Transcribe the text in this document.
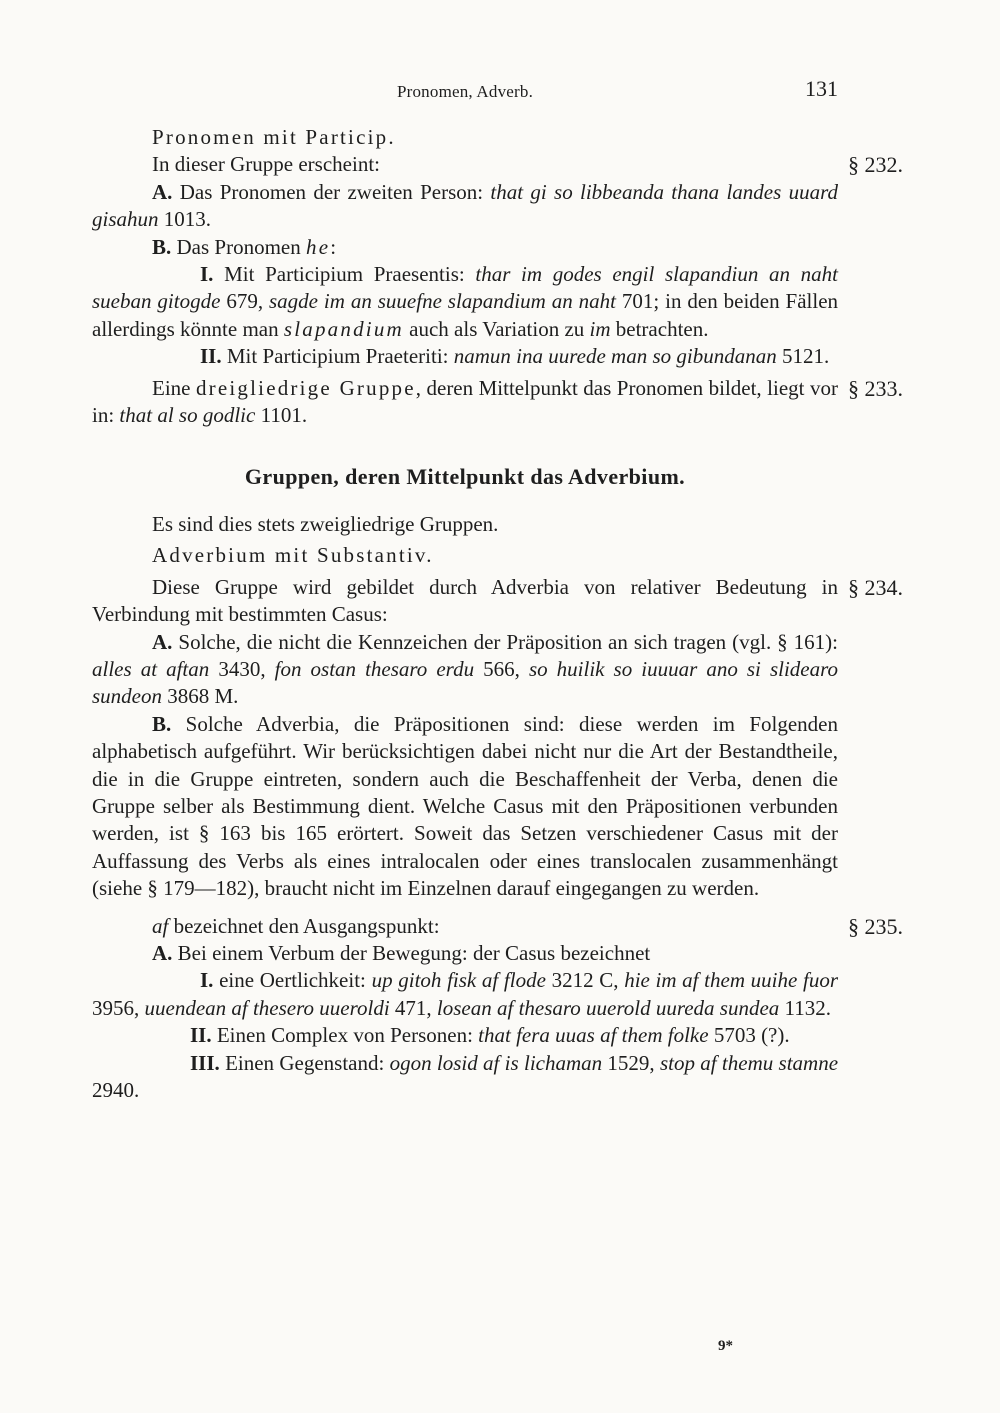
Pronomen, Adverb.	131

Pronomen mit Particip.

In dieser Gruppe erscheint:	§ 232.

A. Das Pronomen der zweiten Person: that gi so libbeanda thana landes uuard gisahun 1013.

B. Das Pronomen he:

I. Mit Participium Praesentis: thar im godes engil slapandiun an naht sueban gitogde 679, sagde im an suuefne slapandium an naht 701; in den beiden Fällen allerdings könnte man slapandium auch als Variation zu im betrachten.

II. Mit Participium Praeteriti: namun ina uurede man so gibundanan 5121.

Eine dreigliedrige Gruppe, deren Mittelpunkt das Pronomen bildet, liegt vor in: that al so godlic 1101.

§ 233.
Gruppen, deren Mittelpunkt das Adverbium.

Es sind dies stets zweigliedrige Gruppen.

Adverbium mit Substantiv.

Diese Gruppe wird gebildet durch Adverbia von relativer Bedeutung in Verbindung mit bestimmten Casus:

§ 234.

A. Solche, die nicht die Kennzeichen der Präposition an sich tragen (vgl. § 161): alles at aftan 3430, fon ostan thesaro erdu 566, so huilik so iuuuar ano si slidearo sundeon 3868 M.

B. Solche Adverbia, die Präpositionen sind: diese werden im Folgenden alphabetisch aufgeführt. Wir berücksichtigen dabei nicht nur die Art der Bestandtheile, die in die Gruppe eintreten, sondern auch die Beschaffenheit der Verba, denen die Gruppe selber als Bestimmung dient. Welche Casus mit den Präpositionen verbunden werden, ist § 163 bis 165 erörtert. Soweit das Setzen verschiedener Casus mit der Auffassung des Verbs als eines intralocalen oder eines translocalen zusammenhängt (siehe § 179—182), braucht nicht im Einzelnen darauf eingegangen zu werden.

af bezeichnet den Ausgangspunkt:	§ 235.

A. Bei einem Verbum der Bewegung: der Casus bezeichnet

I. eine Oertlichkeit: up gitoh fisk af flode 3212 C, hie im af them uuihe fuor 3956, uuendean af thesero uueroldi 471, losean af thesaro uuerold uureda sundea 1132.

II. Einen Complex von Personen: that fera uuas af them folke 5703 (?).

III. Einen Gegenstand: ogon losid af is lichaman 1529, stop af themu stamne 2940.

9*
